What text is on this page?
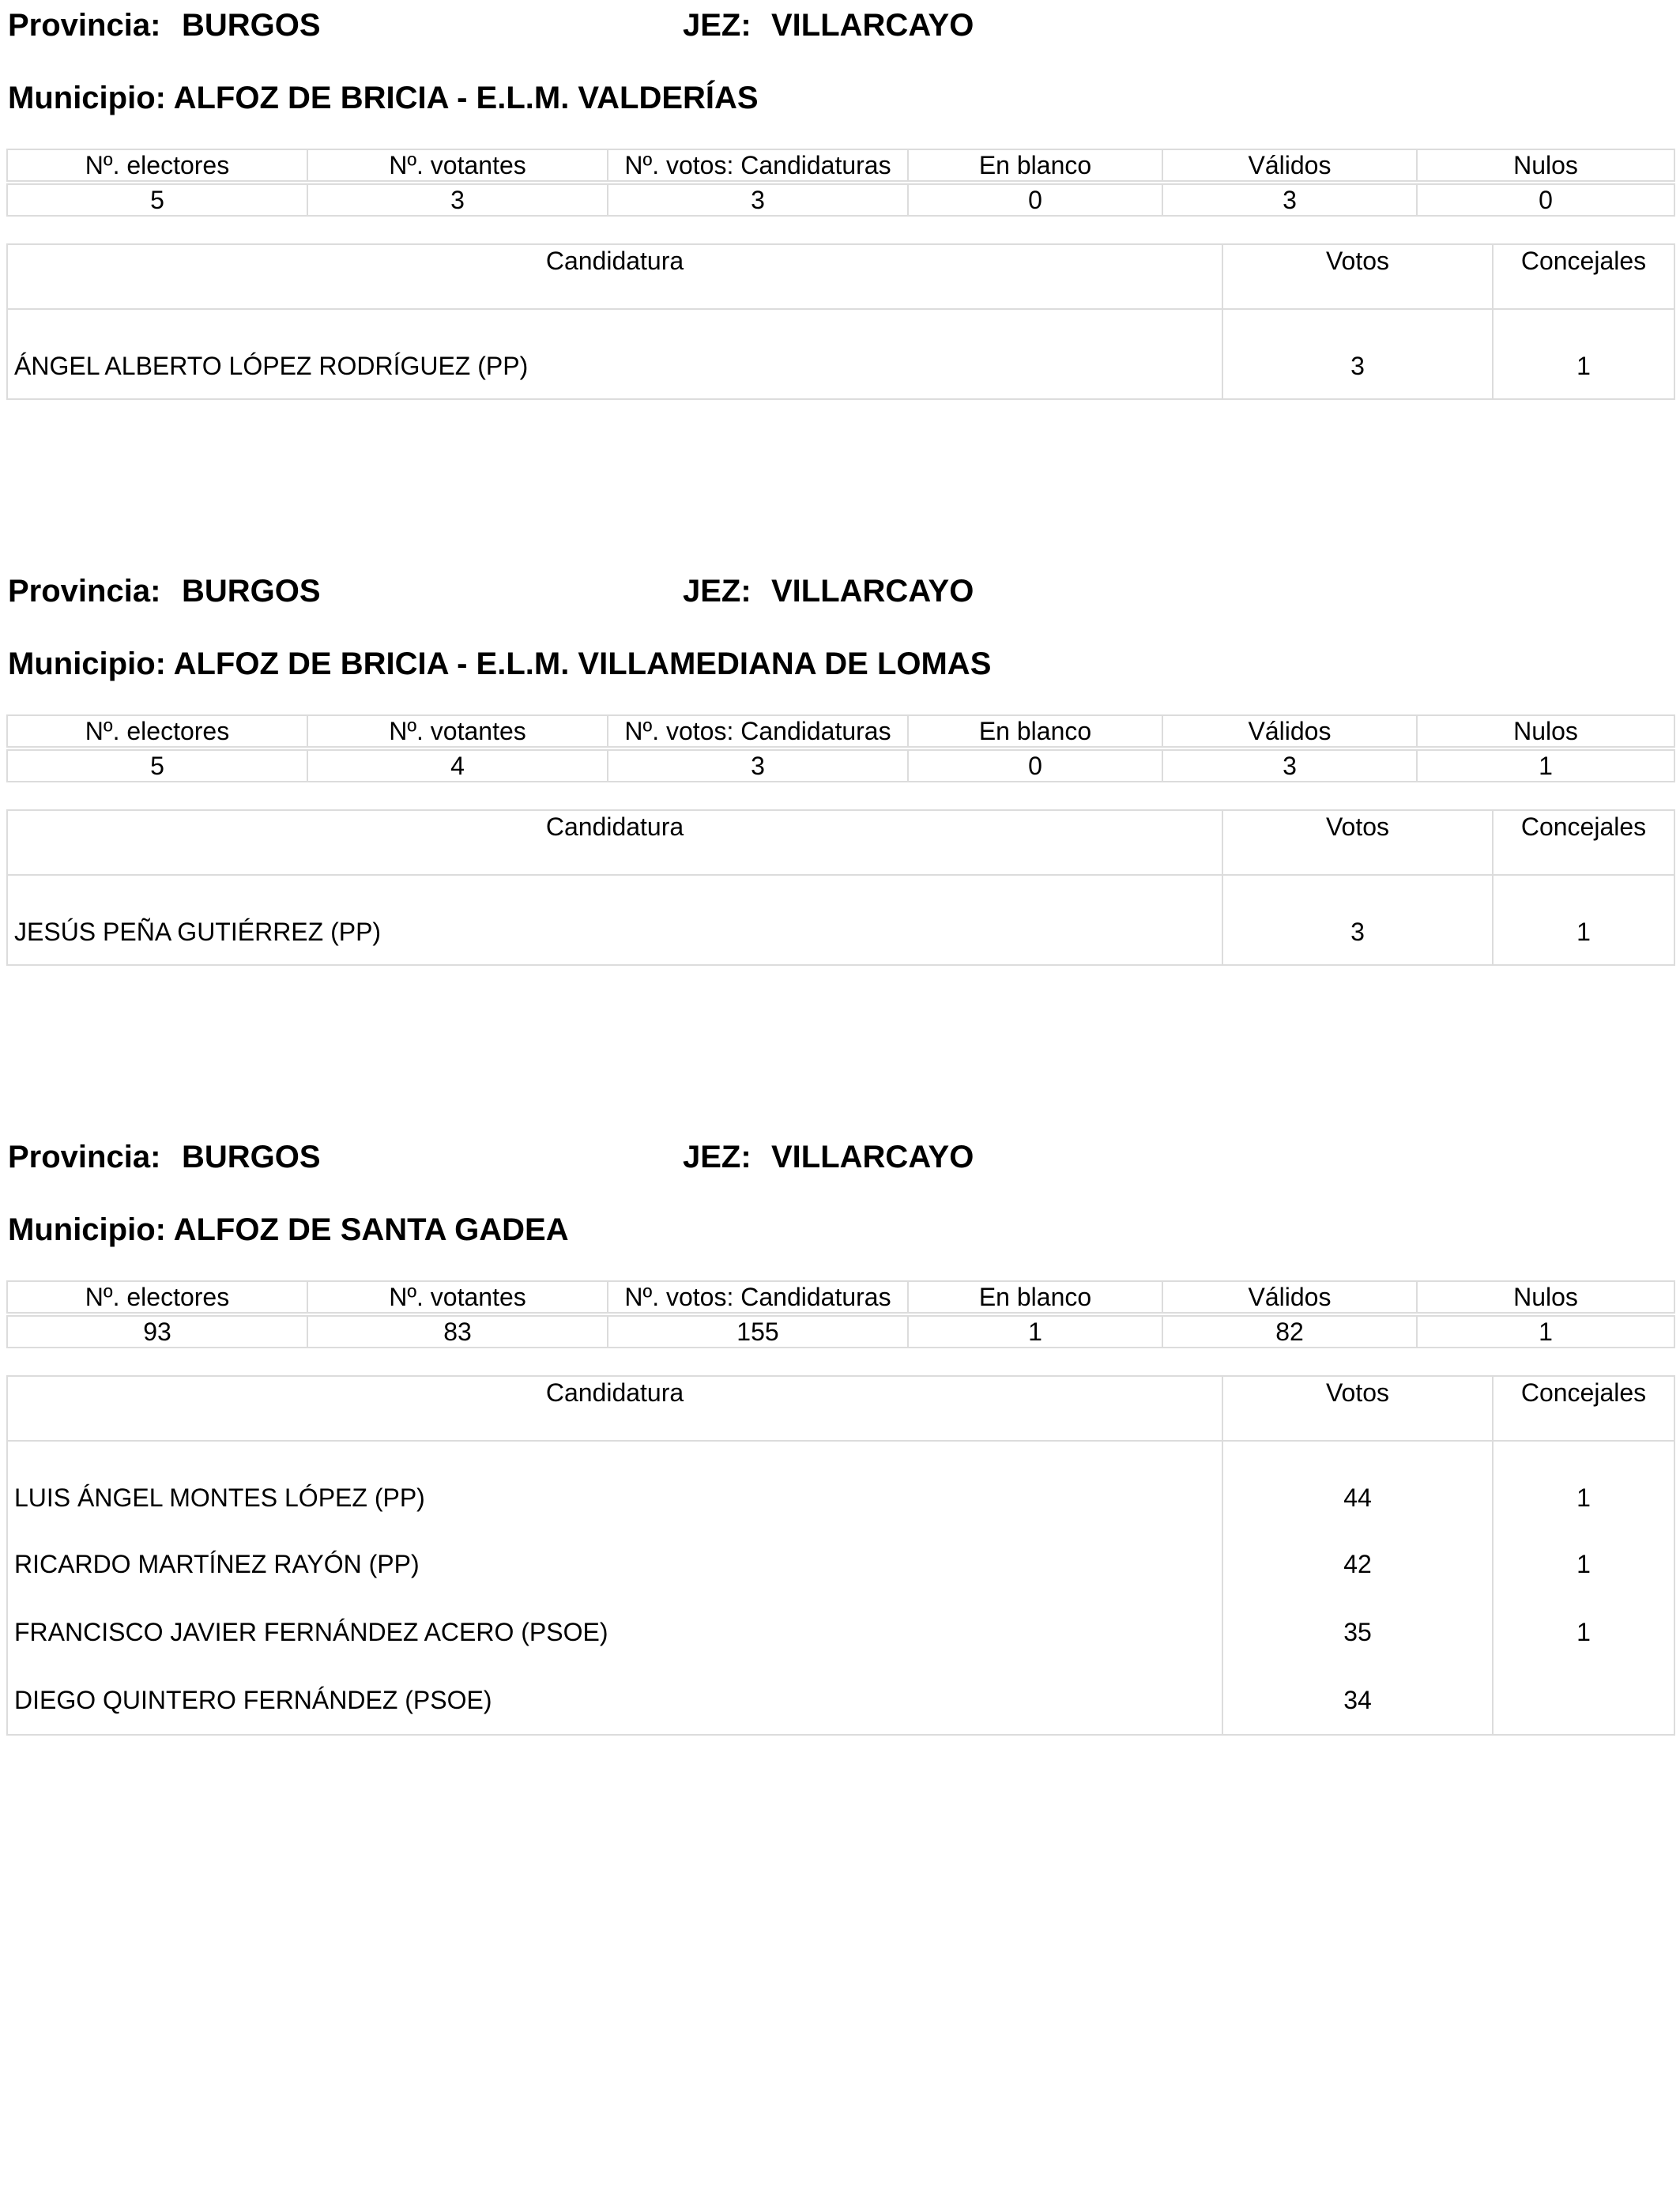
Provincia: BURGOS	JEZ: VILLARCAYO
Municipio: ALFOZ DE BRICIA - E.L.M. VALDERÍAS
Nº. electores	Nº. votantes	Nº. votos: Candidaturas	En blanco	Válidos	Nulos

5	3	3	0	3	0
Candidatura	Votos	Concejales
ÁNGEL ALBERTO LÓPEZ RODRÍGUEZ (PP)	3	1
Provincia: BURGOS	JEZ: VILLARCAYO
Municipio: ALFOZ DE BRICIA - E.L.M. VILLAMEDIANA DE LOMAS
Nº. electores	Nº. votantes	Nº. votos: Candidaturas	En blanco	Válidos	Nulos

5	4	3	0	3	1
Candidatura	Votos	Concejales
JESÚS PEÑA GUTIÉRREZ (PP)	3	1
Provincia: BURGOS	JEZ: VILLARCAYO
Municipio: ALFOZ DE SANTA GADEA
Nº. electores	Nº. votantes	Nº. votos: Candidaturas	En blanco	Válidos	Nulos

93	83	155	1	82	1
Candidatura	Votos	Concejales
LUIS ÁNGEL MONTES LÓPEZ (PP)	44	1
RICARDO MARTÍNEZ RAYÓN (PP)	42	1
FRANCISCO JAVIER FERNÁNDEZ ACERO (PSOE)	35	1
DIEGO QUINTERO FERNÁNDEZ (PSOE)	34	
